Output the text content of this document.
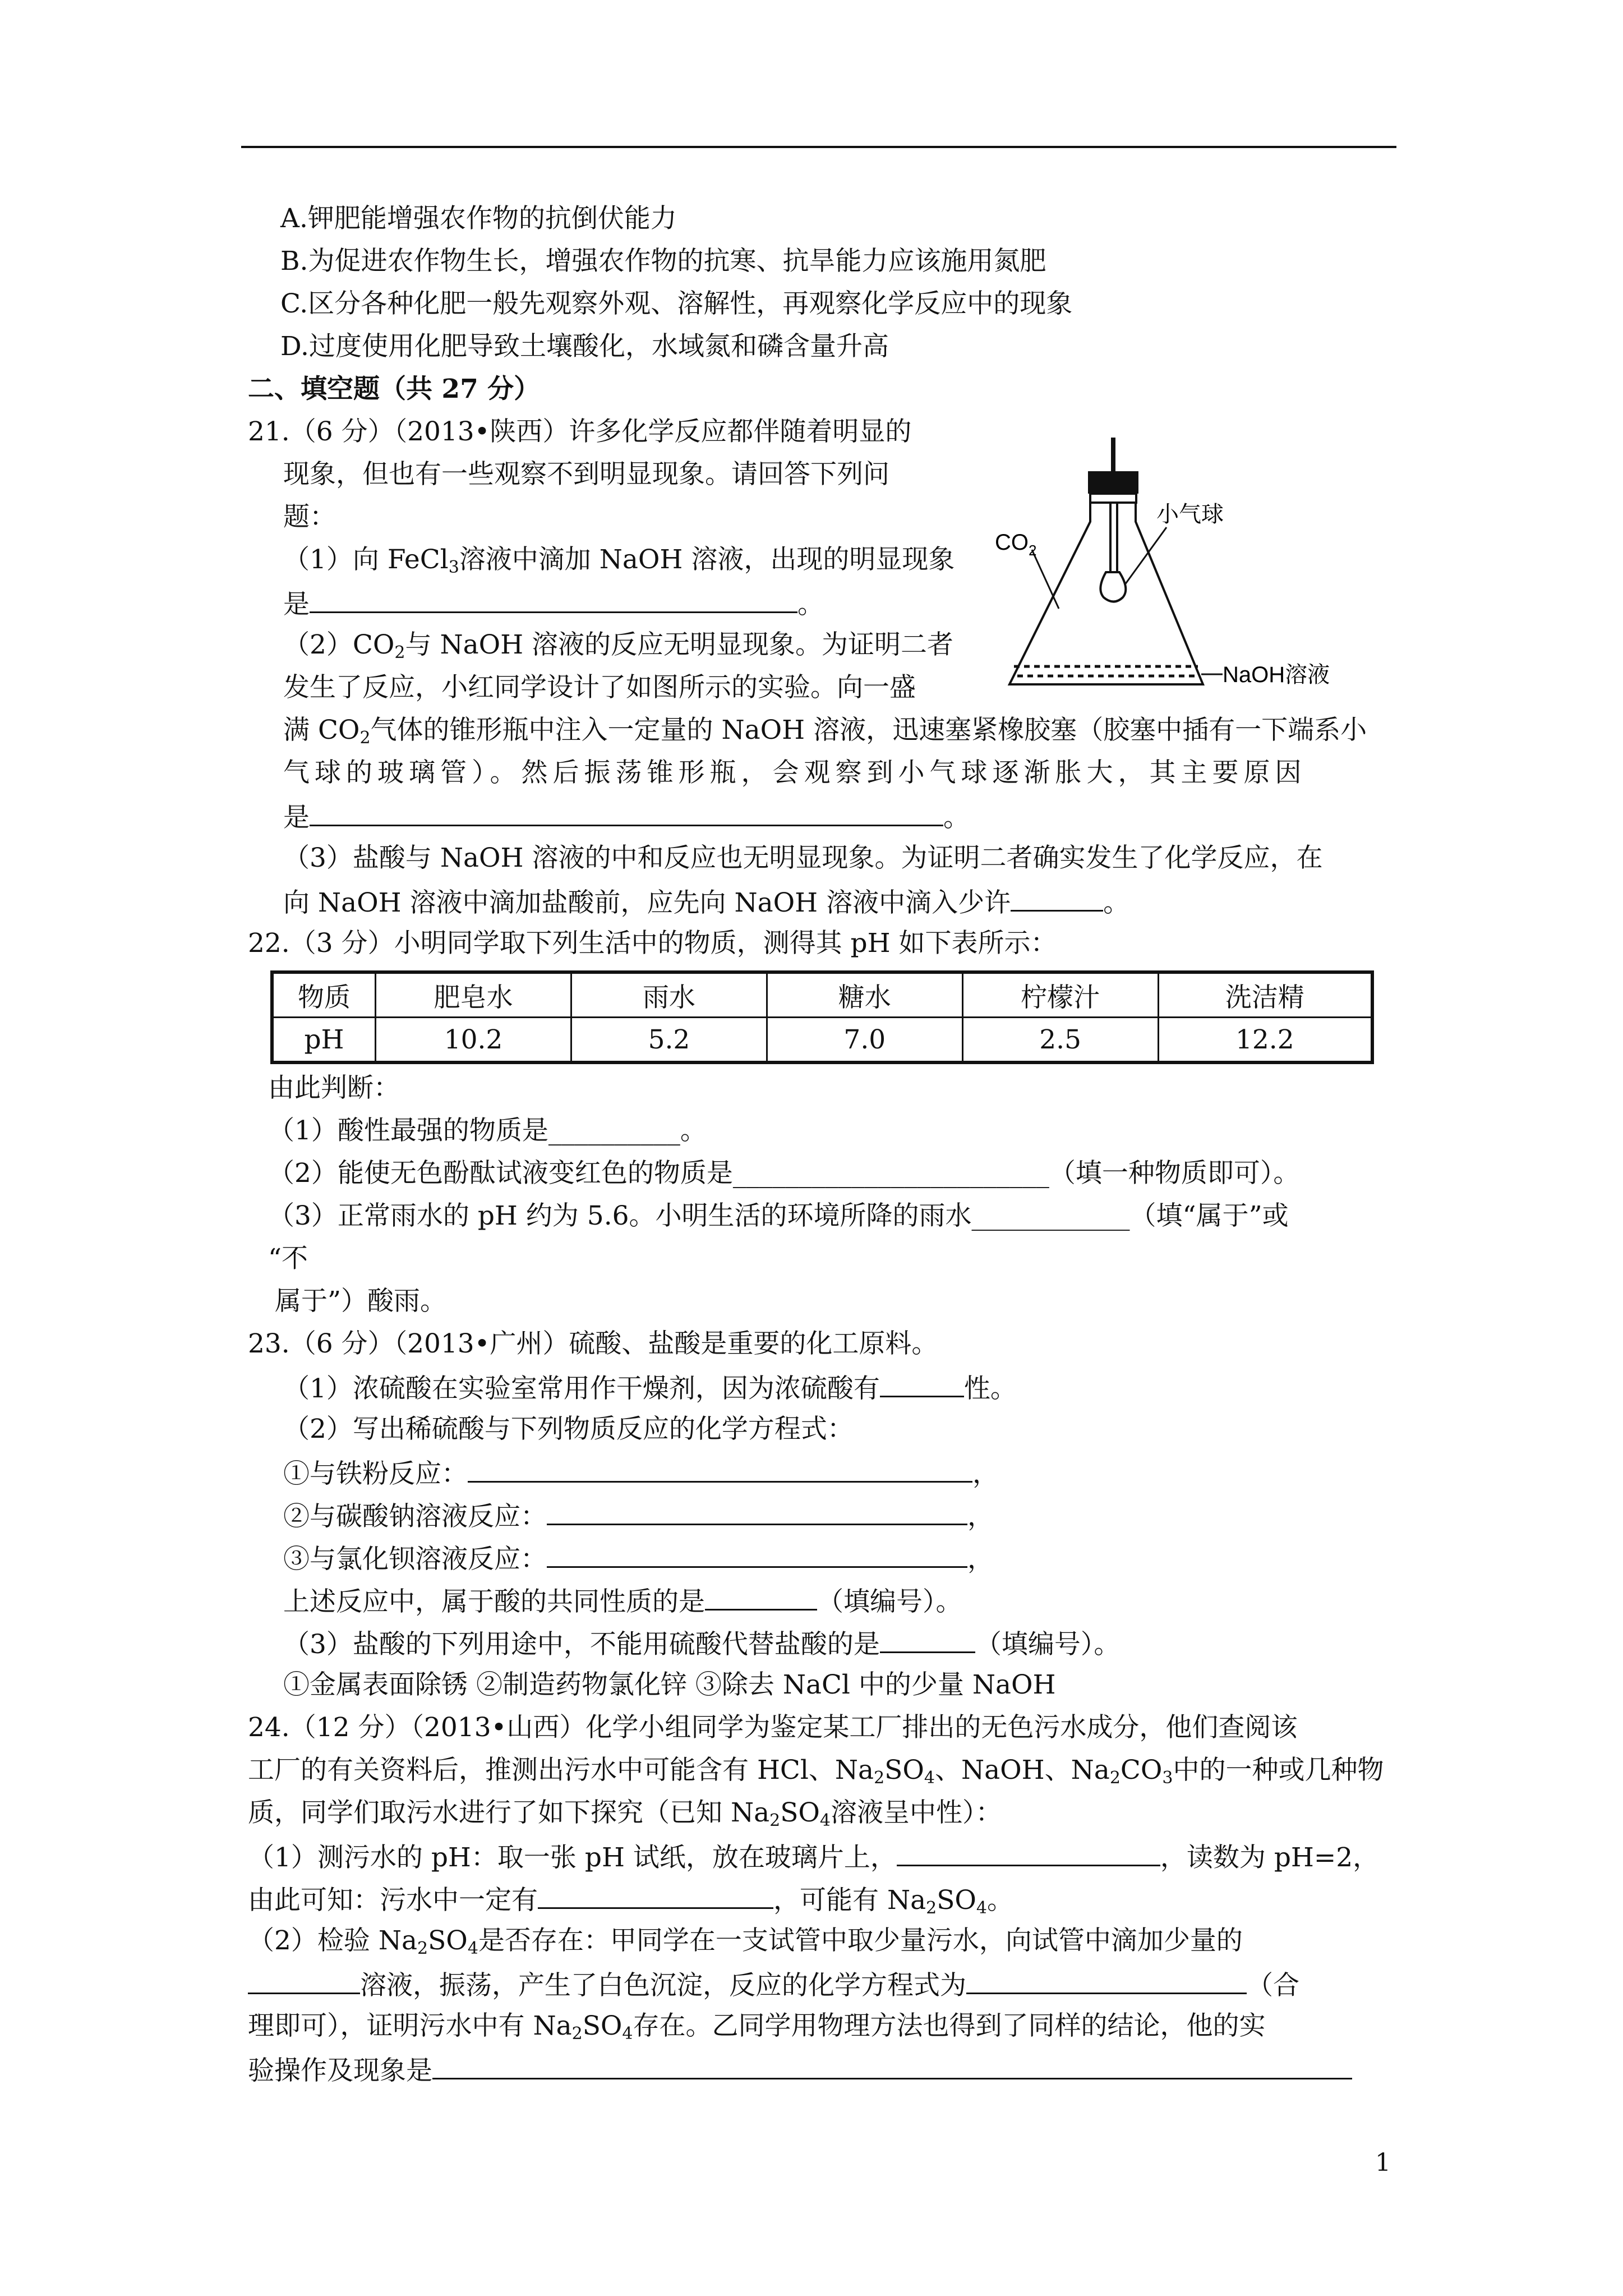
A.钾肥能增强农作物的抗倒伏能力
B.为促进农作物生长，增强农作物的抗寒、抗旱能力应该施用氮肥
C.区分各种化肥一般先观察外观、溶解性，再观察化学反应中的现象
D.过度使用化肥导致土壤酸化，水域氮和磷含量升高
二、填空题（共 27 分）
21.（6 分）（2013•陕西）许多化学反应都伴随着明显的
现象，但也有一些观察不到明显现象。请回答下列问
题：
（1）向 FeCl$_3$溶液中滴加 NaOH 溶液，出现的明显现象
是	。
$(2)CO_2$与 NaOH 溶液的反应无明显现象。为证明二者
发生了反应，小红同学设计了如图所示的实验。向一盛
满 $CO_2$气体的锥形瓶中注入一定量的 NaOH 溶液，迅速塞紧橡胶塞（胶塞中插有一下端系小
气球的玻璃管）。然后振荡锥形瓶，会观察到小气球逐渐胀大，其主要原因
是	。
（3）盐酸与 NaOH 溶液的中和反应也无明显现象。为证明二者确实发生了化学反应，在
向 NaOH 溶液中滴加盐酸前，应先向 NaOH 溶液中滴入少许	。
$CO_2$
小气球
NaOH溶液
22.（3 分）小明同学取下列生活中的物质，测得其 pH 如下表所示：
物质	肥皂水	雨水	糖水	柠檬汁	洗洁精
pH	10.2	5.2	7.0	2.5	12.2
由此判断：
（1）酸性最强的物质是__________。
（2）能使无色酚酞试液变红色的物质是________________________（填一种物质即可）。
（3）正常雨水的 pH 约为 5.6。小明生活的环境所降的雨水____________（填“属于”或
“不
属于”）酸雨。
23.（6 分）（2013•广州）硫酸、盐酸是重要的化工原料。
（1）浓硫酸在实验室常用作干燥剂，因为浓硫酸有	性。
（2）写出稀硫酸与下列物质反应的化学方程式：
①与铁粉反应：	，
②与碳酸钠溶液反应：	，
③与氯化钡溶液反应：	，
上述反应中，属于酸的共同性质的是	（填编号）。
（3）盐酸的下列用途中，不能用硫酸代替盐酸的是	（填编号）。
①金属表面除锈 ②制造药物氯化锌 ③除去 NaCl 中的少量 NaOH
24.（12 分）（2013•山西）化学小组同学为鉴定某工厂排出的无色污水成分，他们查阅该
工厂的有关资料后，推测出污水中可能含有 HCl、$Na_2SO_4$、NaOH、$Na_2CO_3$中的一种或几种物
质，同学们取污水进行了如下探究（已知 $Na_2SO_4$溶液呈中性）：
（1）测污水的 pH：取一张 pH 试纸，放在玻璃片上，	，读数为 pH=2，
由此可知：污水中一定有	，可能有 $Na_2SO_4$。
（2）检验 $Na_2SO_4$是否存在：甲同学在一支试管中取少量污水，向试管中滴加少量的
溶液，振荡，产生了白色沉淀，反应的化学方程式为	（合
理即可），证明污水中有 $Na_2SO_4$存在。乙同学用物理方法也得到了同样的结论，他的实
验操作及现象是
1
